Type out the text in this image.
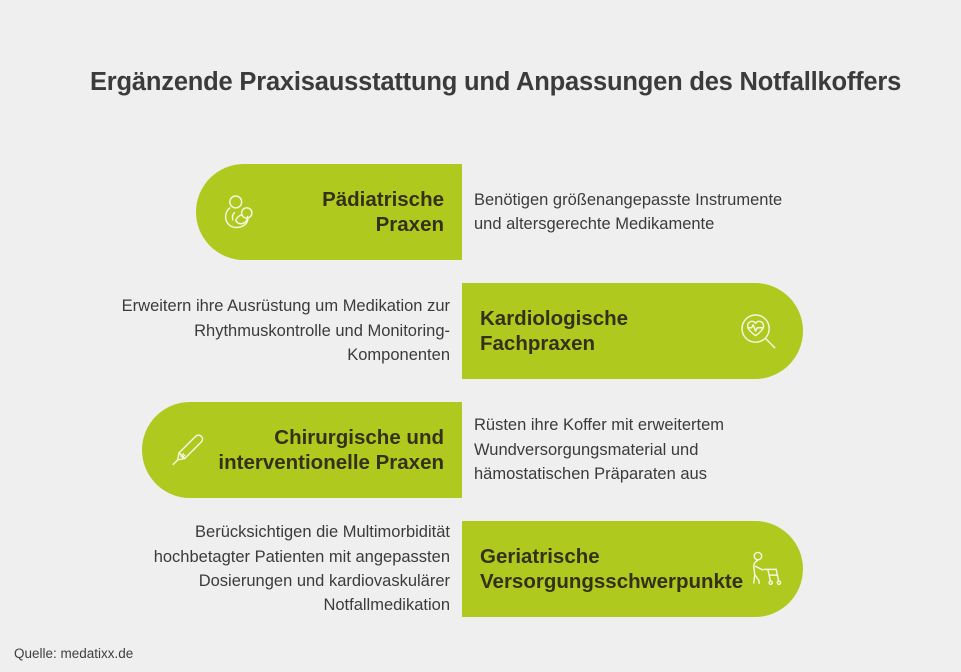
Ergänzende Praxisausstattung und Anpassungen des Notfallkoffers
Pädiatrische Praxen
Benötigen größenangepasste Instrumente und altersgerechte Medikamente
Erweitern ihre Ausrüstung um Medikation zur Rhythmuskontrolle und Monitoring-Komponenten
Kardiologische Fachpraxen
Chirurgische und interventionelle Praxen
Rüsten ihre Koffer mit erweitertem Wundversorgungsmaterial und hämostatischen Präparaten aus
Berücksichtigen die Multimorbidität hochbetagter Patienten mit angepassten Dosierungen und kardiovaskulärer Notfallmedikation
Geriatrische Versorgungsschwerpunkte
Quelle: medatixx.de
